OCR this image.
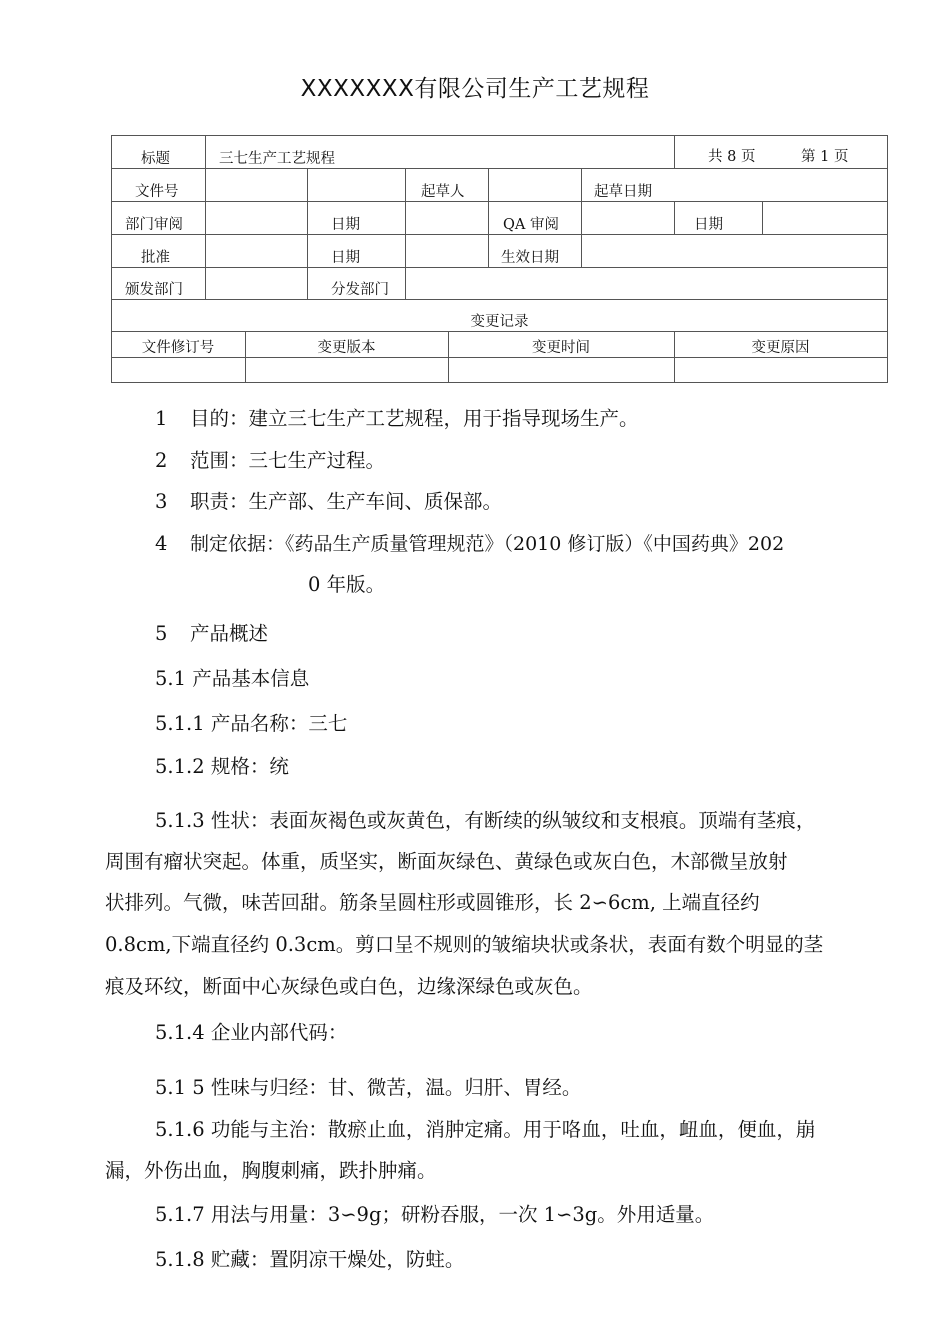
XXXXXXX有限公司生产工艺规程
标题	三七生产工艺规程	共 8 页	第 1 页
文件号	起草人	起草日期
部门审阅	日期	QA 审阅	日期
批准	日期	生效日期
颁发部门	分发部门
变更记录
文件修订号	变更版本	变更时间	变更原因
1 目的：建立三七生产工艺规程，用于指导现场生产。
2 范围：三七生产过程。
3 职责：生产部、生产车间、质保部。
4 制定依据：《药品生产质量管理规范》（2010 修订版）《中国药典》202
0 年版。
5 产品概述
5.1 产品基本信息
5.1.1 产品名称：三七
5.1.2 规格：统
5.1.3 性状：表面灰褐色或灰黄色，有断续的纵皱纹和支根痕。顶端有茎痕，
周围有瘤状突起。体重，质坚实，断面灰绿色、黄绿色或灰白色，木部微呈放射
状排列。气微，味苦回甜。筋条呈圆柱形或圆锥形，长 2∽6cm, 上端直径约
0.8cm,下端直径约 0.3cm。剪口呈不规则的皱缩块状或条状，表面有数个明显的茎
痕及环纹，断面中心灰绿色或白色，边缘深绿色或灰色。
5.1.4 企业内部代码：
5.1 5 性味与归经：甘、微苦，温。归肝、胃经。
5.1.6 功能与主治：散瘀止血，消肿定痛。用于咯血，吐血，衄血，便血，崩
漏，外伤出血，胸腹刺痛，跌扑肿痛。
5.1.7 用法与用量：3∽9g；研粉吞服，一次 1∽3g。外用适量。
5.1.8 贮藏：置阴凉干燥处，防蛀。
